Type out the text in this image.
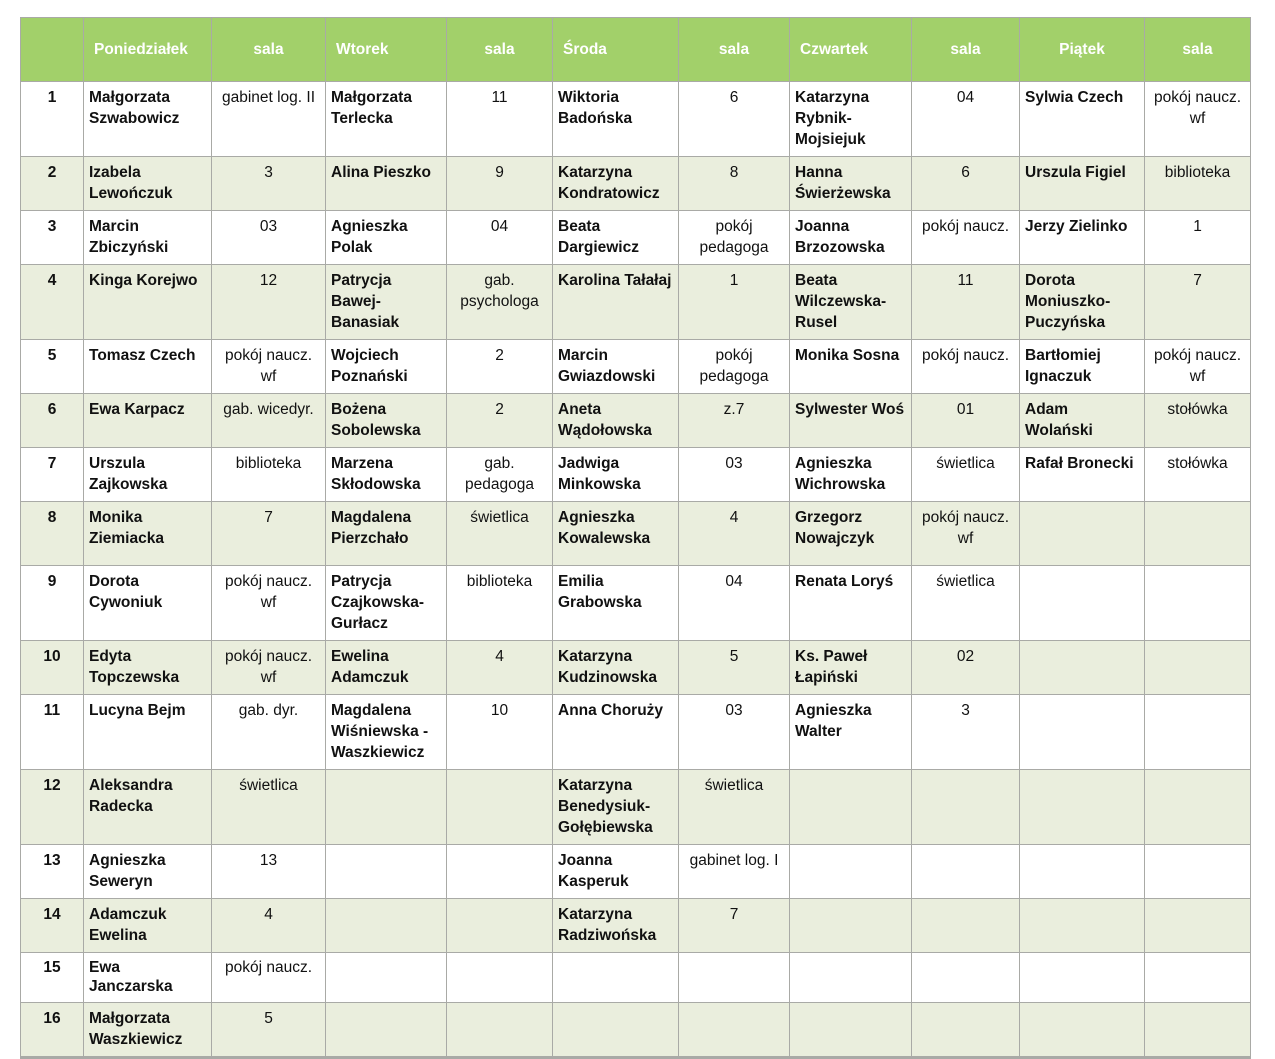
	Poniedziałek	sala	Wtorek	sala	Środa	sala	Czwartek	sala	Piątek	sala
1	Małgorzata Szwabowicz	gabinet log. II	Małgorzata Terlecka	11	Wiktoria Badońska	6	Katarzyna Rybnik-Mojsiejuk	04	Sylwia Czech	pokój naucz. wf
2	Izabela Lewończuk	3	Alina Pieszko	9	Katarzyna Kondratowicz	8	Hanna Świerżewska	6	Urszula Figiel	biblioteka
3	Marcin Zbiczyński	03	Agnieszka Polak	04	Beata Dargiewicz	pokój pedagoga	Joanna Brzozowska	pokój naucz.	Jerzy Zielinko	1
4	Kinga Korejwo	12	Patrycja Bawej-Banasiak	gab. psychologa	Karolina Tałałaj	1	Beata Wilczewska-Rusel	11	Dorota Moniuszko-Puczyńska	7
5	Tomasz Czech	pokój naucz. wf	Wojciech Poznański	2	Marcin Gwiazdowski	pokój pedagoga	Monika Sosna	pokój naucz.	Bartłomiej Ignaczuk	pokój naucz. wf
6	Ewa Karpacz	gab. wicedyr.	Bożena Sobolewska	2	Aneta Wądołowska	z.7	Sylwester Woś	01	Adam Wolański	stołówka
7	Urszula Zajkowska	biblioteka	Marzena Skłodowska	gab. pedagoga	Jadwiga Minkowska	03	Agnieszka Wichrowska	świetlica	Rafał Bronecki	stołówka
8	Monika Ziemiacka	7	Magdalena Pierzchało	świetlica	Agnieszka Kowalewska	4	Grzegorz Nowajczyk	pokój naucz. wf		
9	Dorota Cywoniuk	pokój naucz. wf	Patrycja Czajkowska-Gurłacz	biblioteka	Emilia Grabowska	04	Renata Loryś	świetlica		
10	Edyta Topczewska	pokój naucz. wf	Ewelina Adamczuk	4	Katarzyna Kudzinowska	5	Ks. Paweł Łapiński	02		
11	Lucyna Bejm	gab. dyr.	Magdalena Wiśniewska - Waszkiewicz	10	Anna Choruży	03	Agnieszka Walter	3		
12	Aleksandra Radecka	świetlica			Katarzyna Benedysiuk-Gołębiewska	świetlica				
13	Agnieszka Seweryn	13			Joanna Kasperuk	gabinet log. I				
14	Adamczuk Ewelina	4			Katarzyna Radziwońska	7				
15	Ewa Janczarska	pokój naucz.								
16	Małgorzata Waszkiewicz	5								
